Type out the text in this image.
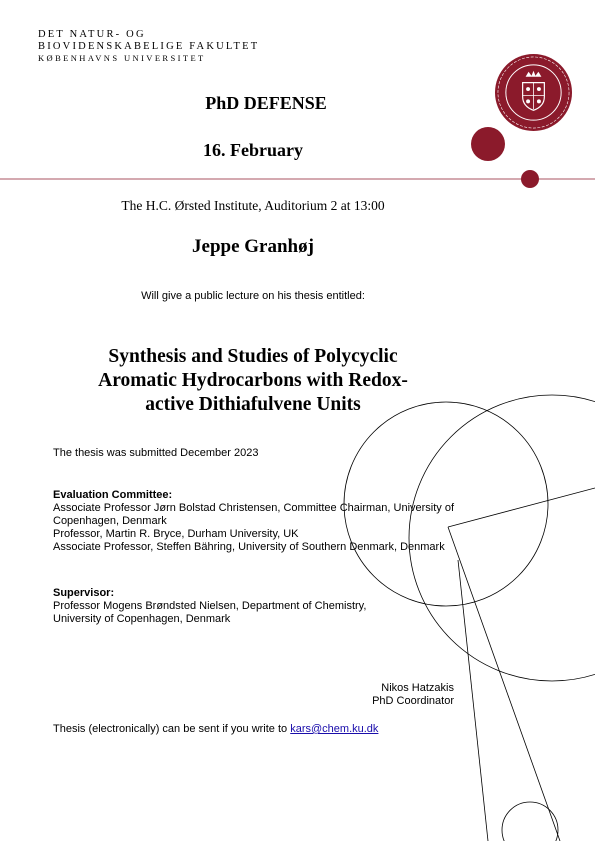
DET NATUR- OG
BIOVIDENSKABELIGE FAKULTET
KØBENHAVNS UNIVERSITET
PhD DEFENSE
16. February
The H.C. Ørsted Institute, Auditorium 2 at 13:00
Jeppe Granhøj
Will give a public lecture on his thesis entitled:
Synthesis and Studies of Polycyclic
Aromatic Hydrocarbons with Redox-
active Dithiafulvene Units
The thesis was submitted December 2023
Evaluation Committee:
Associate Professor Jørn Bolstad Christensen, Committee Chairman, University of
Copenhagen, Denmark
Professor, Martin R. Bryce, Durham University, UK
Associate Professor, Steffen Bähring, University of Southern Denmark, Denmark
Supervisor:
Professor Mogens Brøndsted Nielsen, Department of Chemistry,
University of Copenhagen, Denmark
Nikos Hatzakis
PhD Coordinator
Thesis (electronically) can be sent if you write to kars@chem.ku.dk
